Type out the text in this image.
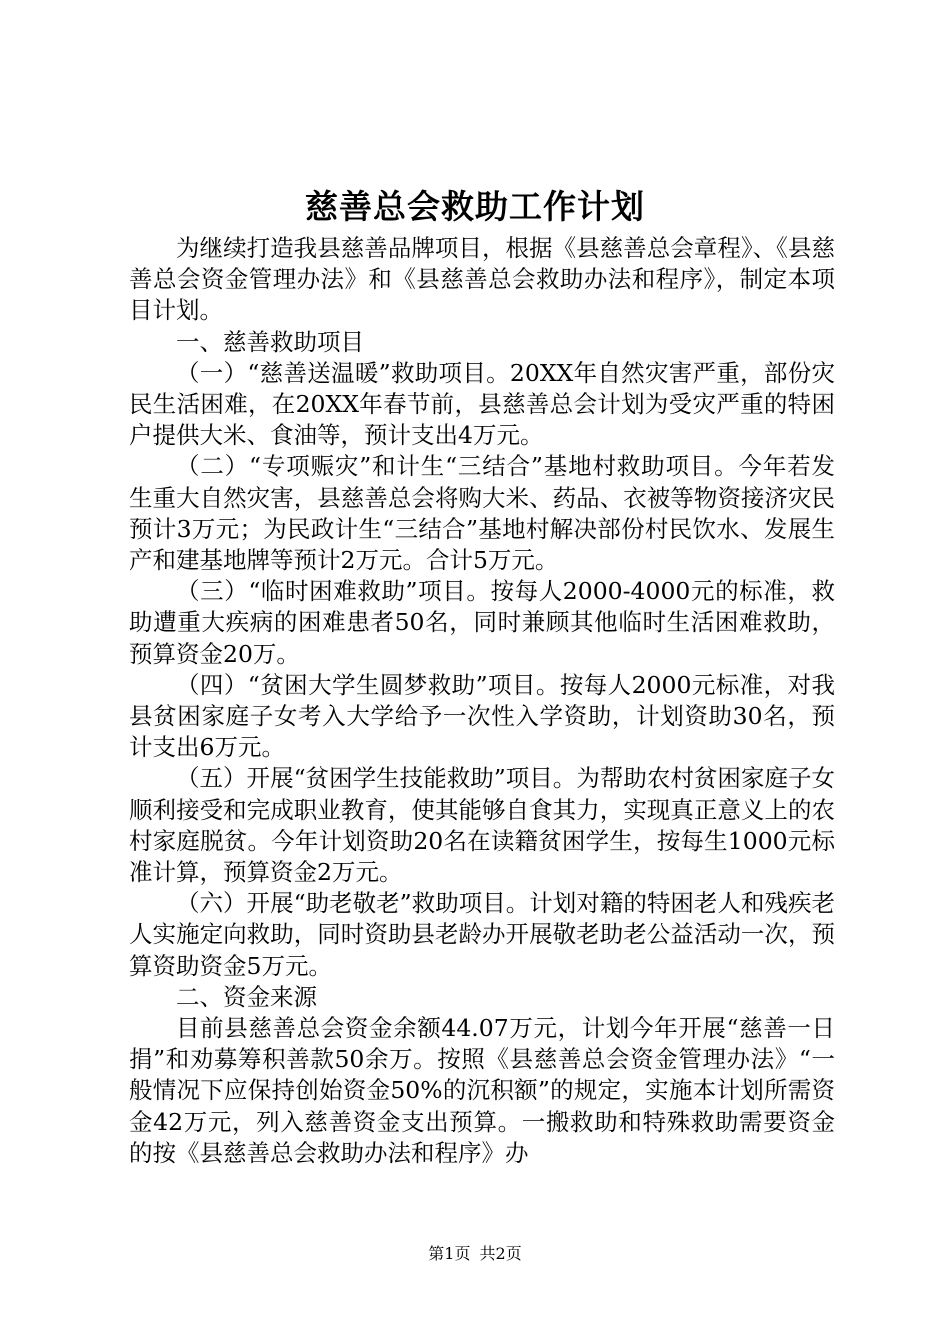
慈善总会救助工作计划

为继续打造我县慈善品牌项目，根据《县慈善总会章程》、《县慈善总会资金管理办法》和《县慈善总会救助办法和程序》，制定本项目计划。

一、慈善救助项目

（一）“慈善送温暖”救助项目。20XX年自然灾害严重，部份灾民生活困难，在20XX年春节前，县慈善总会计划为受灾严重的特困户提供大米、食油等，预计支出4万元。

（二）“专项赈灾”和计生“三结合”基地村救助项目。今年若发生重大自然灾害，县慈善总会将购大米、药品、衣被等物资接济灾民预计3万元；为民政计生“三结合”基地村解决部份村民饮水、发展生产和建基地牌等预计2万元。合计5万元。

（三）“临时困难救助”项目。按每人2000-4000元的标准，救助遭重大疾病的困难患者50名，同时兼顾其他临时生活困难救助，预算资金20万。

（四）“贫困大学生圆梦救助”项目。按每人2000元标准，对我县贫困家庭子女考入大学给予一次性入学资助，计划资助30名，预计支出6万元。

（五）开展“贫困学生技能救助”项目。为帮助农村贫困家庭子女顺利接受和完成职业教育，使其能够自食其力，实现真正意义上的农村家庭脱贫。今年计划资助20名在读籍贫困学生，按每生1000元标准计算，预算资金2万元。

（六）开展“助老敬老”救助项目。计划对籍的特困老人和残疾老人实施定向救助，同时资助县老龄办开展敬老助老公益活动一次，预算资助资金5万元。

二、资金来源

目前县慈善总会资金余额44.07万元，计划今年开展“慈善一日捐”和劝募筹积善款50余万。按照《县慈善总会资金管理办法》“一般情况下应保持创始资金50%的沉积额”的规定，实施本计划所需资金42万元，列入慈善资金支出预算。一搬救助和特殊救助需要资金的按《县慈善总会救助办法和程序》办

第1页 共2页
